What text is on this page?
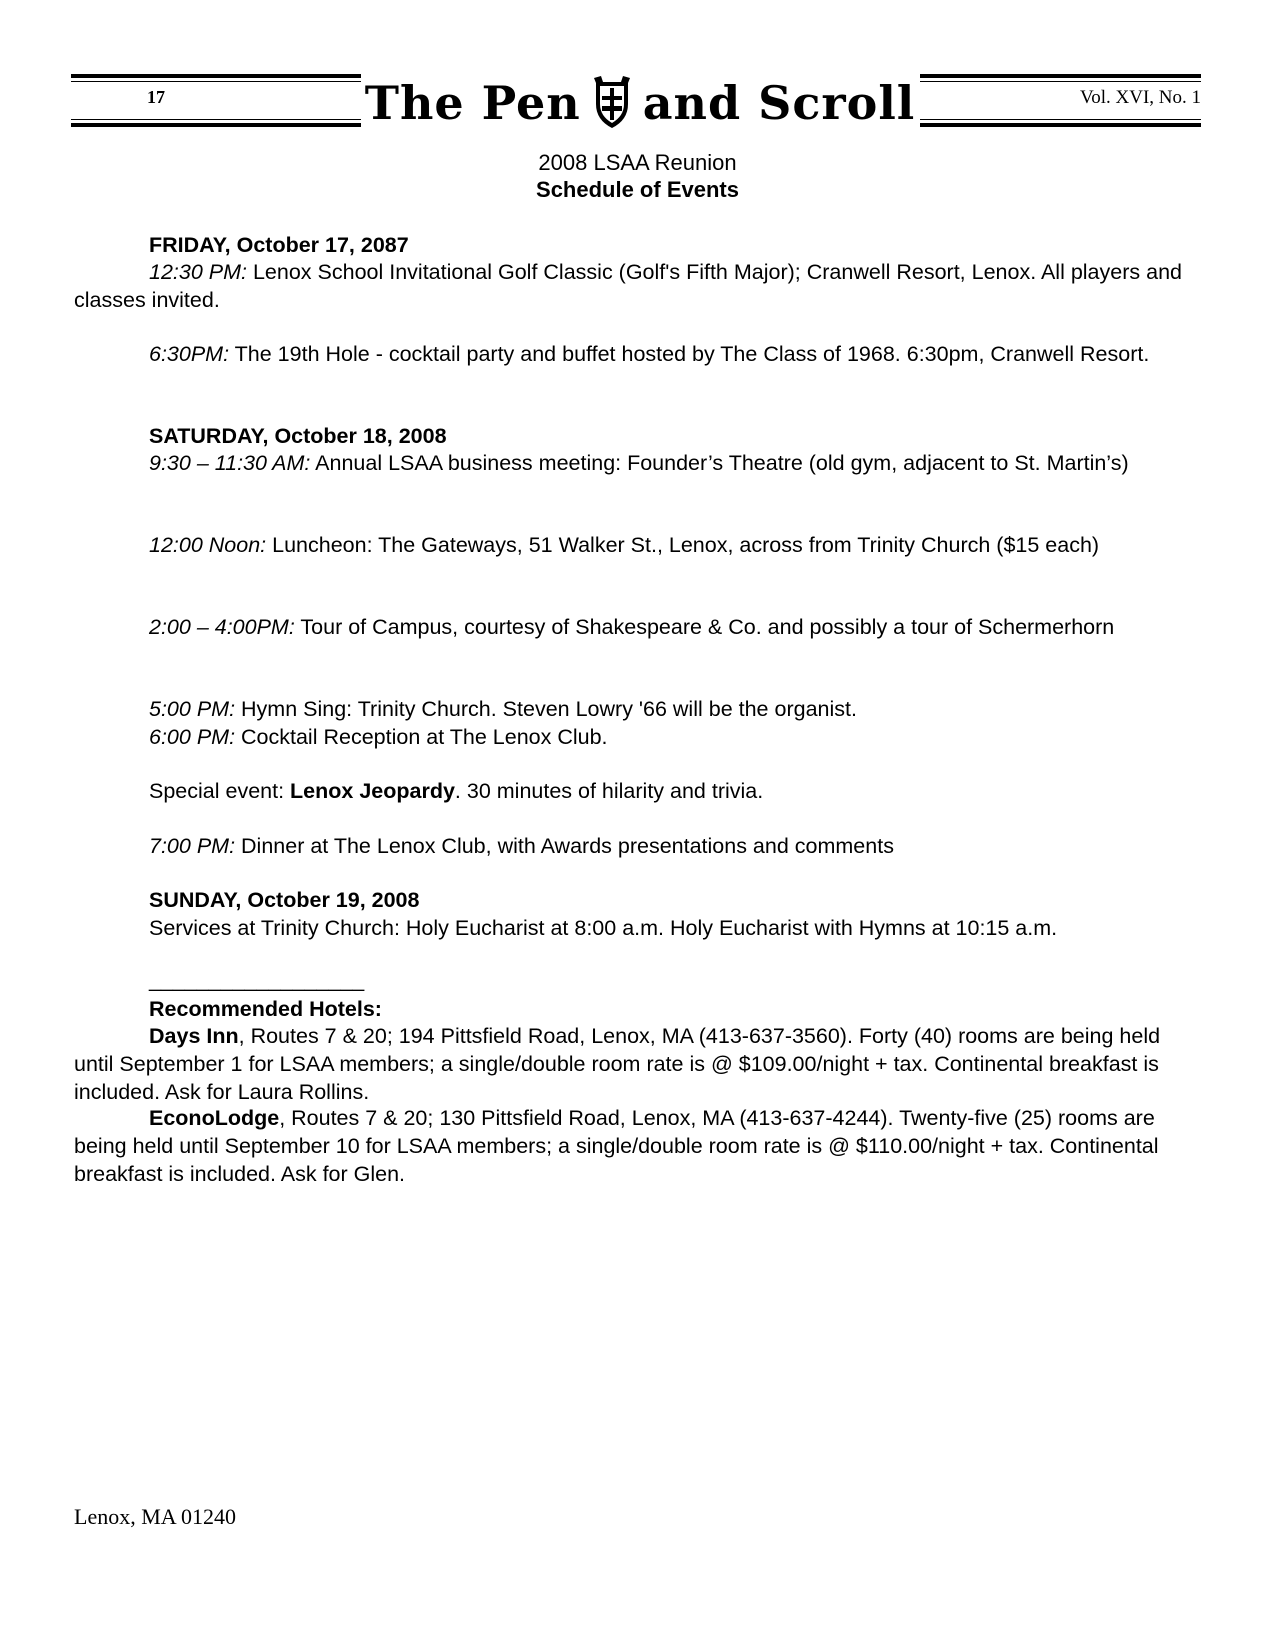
17	The Pen and Scroll	Vol. XVI, No. 1
2008 LSAA Reunion
Schedule of Events
FRIDAY, October 17, 2087
12:30 PM: Lenox School Invitational Golf Classic (Golf's Fifth Major); Cranwell Resort, Lenox. All players and classes invited.
6:30PM: The 19th Hole - cocktail party and buffet hosted by The Class of 1968. 6:30pm, Cranwell Resort.
SATURDAY, October 18, 2008
9:30 – 11:30 AM: Annual LSAA business meeting: Founder’s Theatre (old gym, adjacent to St. Martin’s)
12:00 Noon: Luncheon: The Gateways, 51 Walker St., Lenox, across from Trinity Church ($15 each)
2:00 – 4:00PM: Tour of Campus, courtesy of Shakespeare & Co. and possibly a tour of Schermerhorn
5:00 PM: Hymn Sing: Trinity Church. Steven Lowry '66 will be the organist.
6:00 PM: Cocktail Reception at The Lenox Club.
Special event: Lenox Jeopardy. 30 minutes of hilarity and trivia.
7:00 PM: Dinner at The Lenox Club, with Awards presentations and comments
SUNDAY, October 19, 2008
Services at Trinity Church: Holy Eucharist at 8:00 a.m. Holy Eucharist with Hymns at 10:15 a.m.
__________________
Recommended Hotels:
Days Inn, Routes 7 & 20; 194 Pittsfield Road, Lenox, MA (413-637-3560). Forty (40) rooms are being held until September 1 for LSAA members; a single/double room rate is @ $109.00/night + tax. Continental breakfast is included. Ask for Laura Rollins.
EconoLodge, Routes 7 & 20; 130 Pittsfield Road, Lenox, MA (413-637-4244). Twenty-five (25) rooms are being held until September 10 for LSAA members; a single/double room rate is @ $110.00/night + tax. Continental breakfast is included. Ask for Glen.
Lenox, MA 01240
